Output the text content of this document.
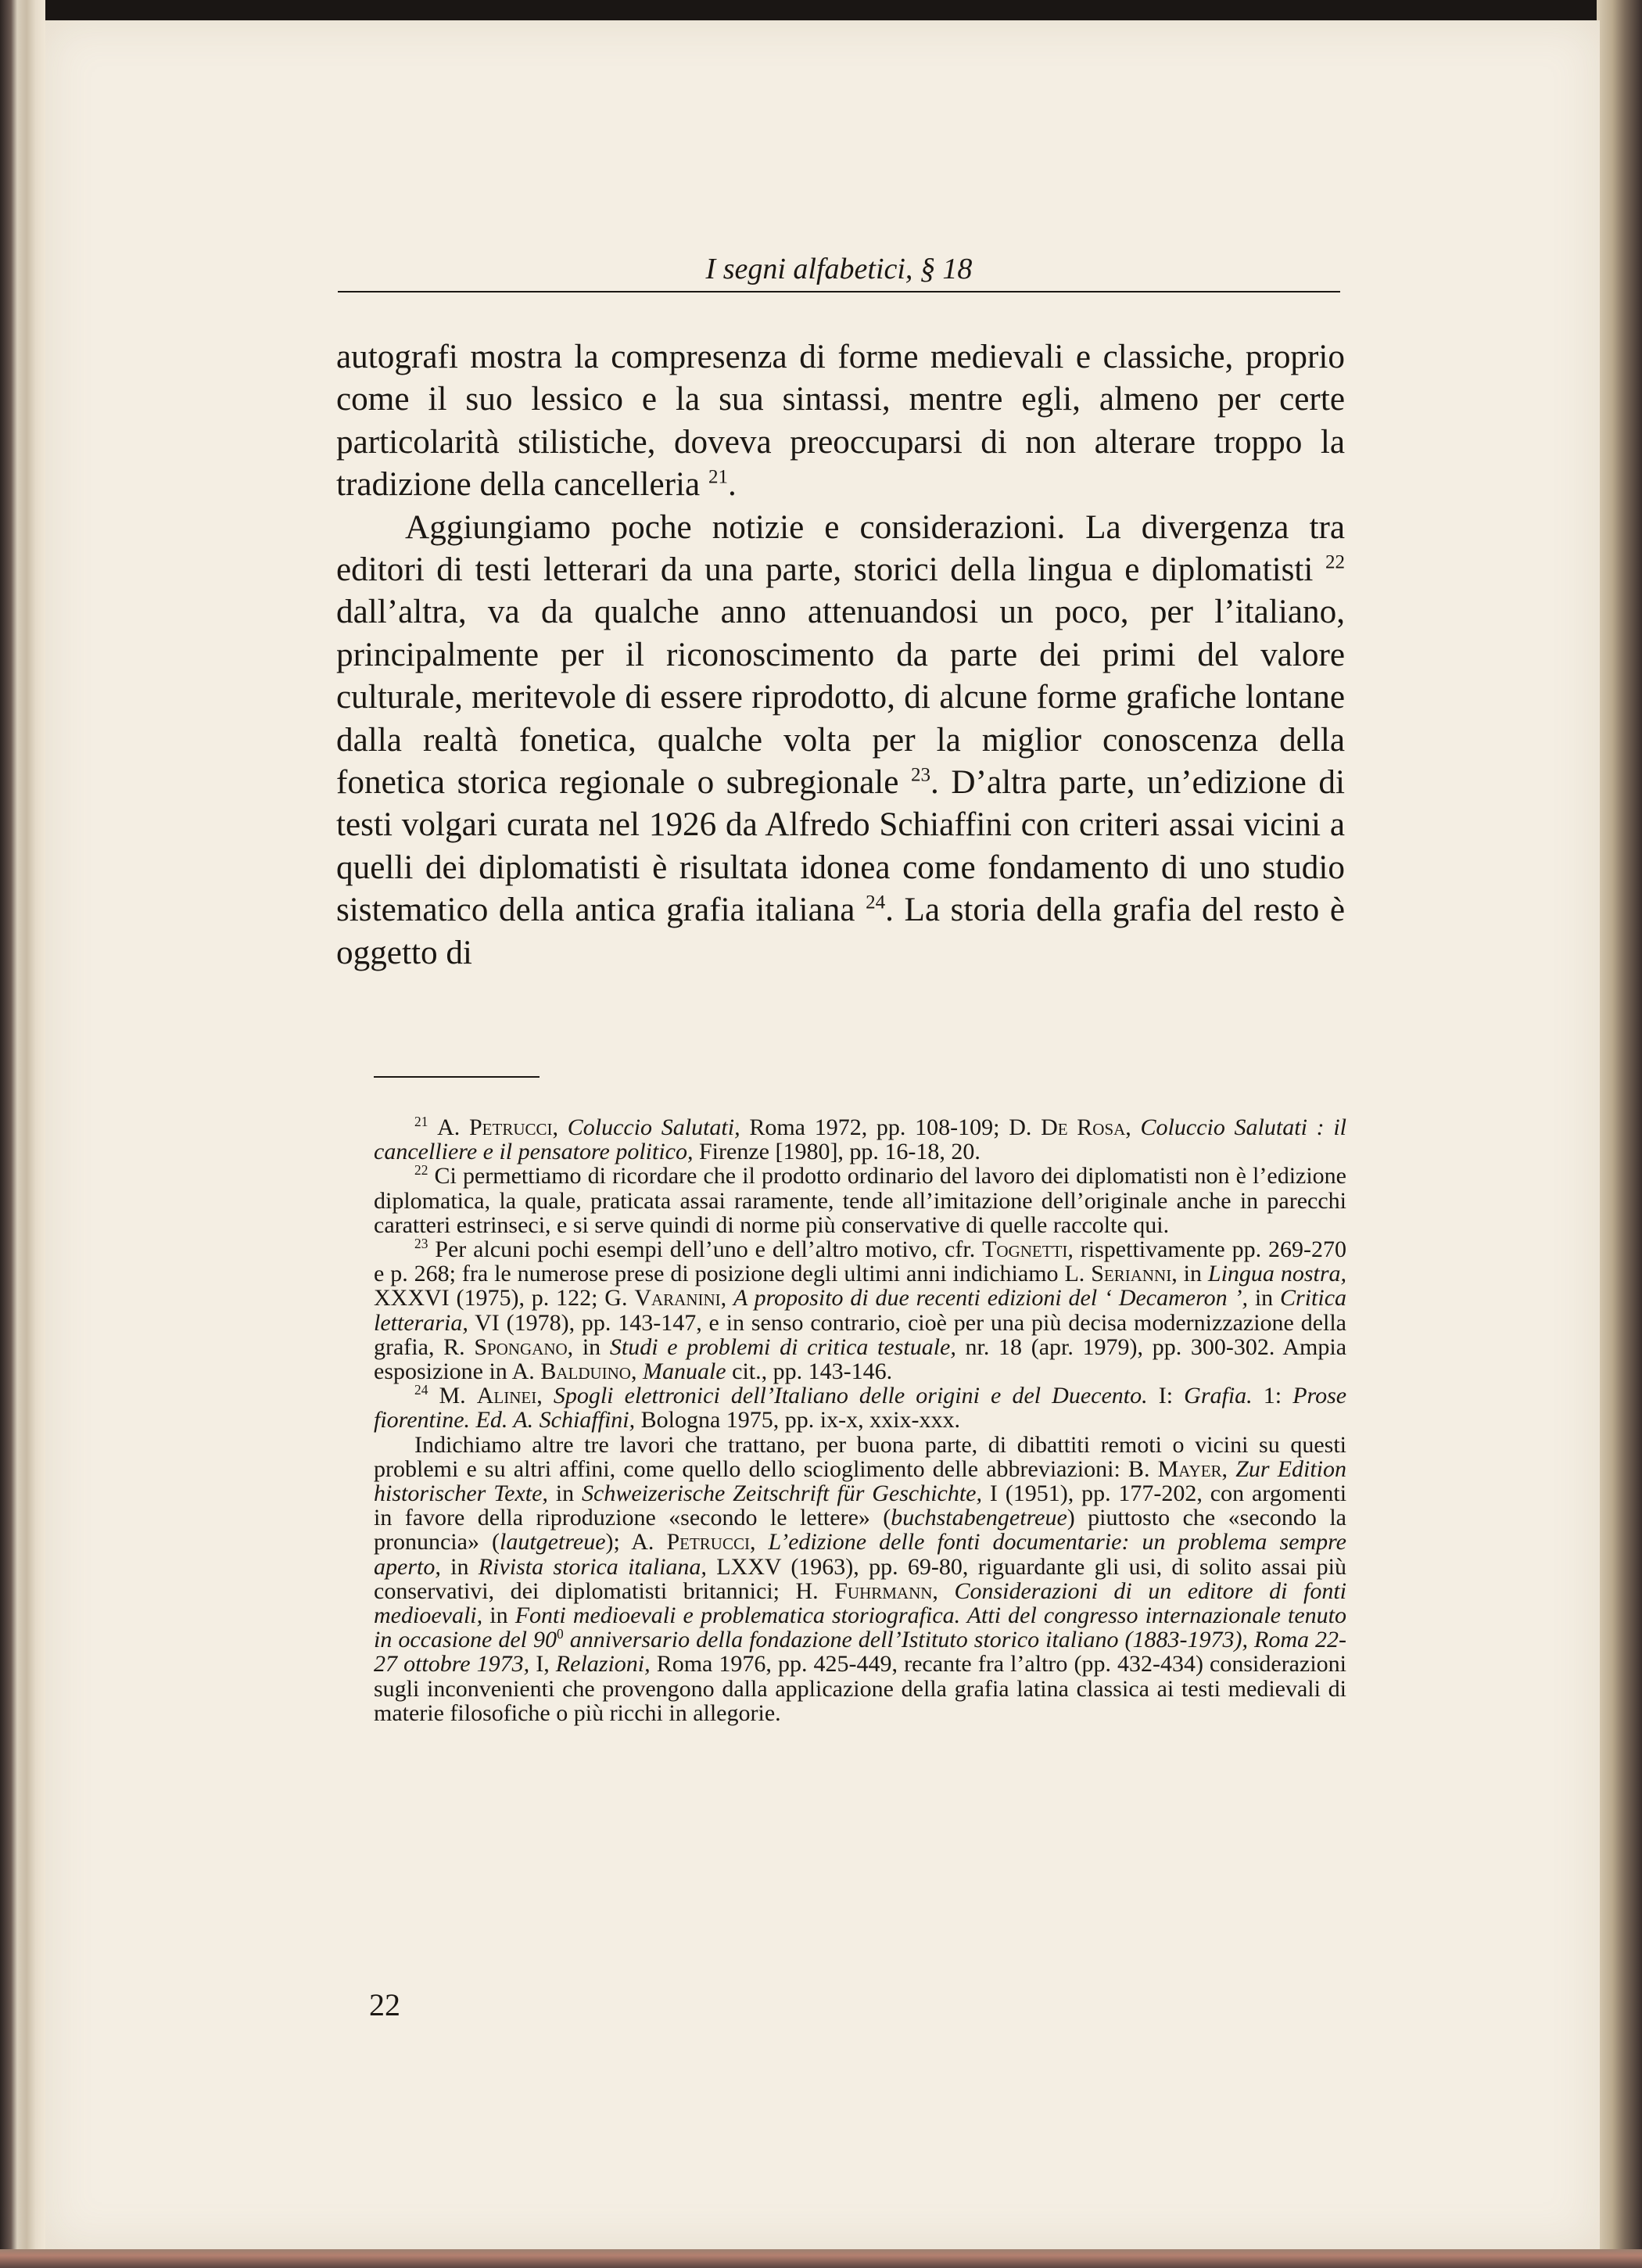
I segni alfabetici, § 18

autografi mostra la compresenza di forme medievali e classiche, proprio come il suo lessico e la sua sintassi, mentre egli, almeno per certe particolarità stilistiche, doveva preoccuparsi di non alterare troppo la tradizione della cancelleria $^{21}$.

Aggiungiamo poche notizie e considerazioni. La divergenza tra editori di testi letterari da una parte, storici della lingua e diplomatisti $^{22}$ dall’altra, va da qualche anno attenuandosi un poco, per l’italiano, principalmente per il riconoscimento da parte dei primi del valore culturale, meritevole di essere riprodotto, di alcune forme grafiche lontane dalla realtà fonetica, qualche volta per la miglior conoscenza della fonetica storica regionale o subregionale $^{23}$. D’altra parte, un’edizione di testi volgari curata nel 1926 da Alfredo Schiaffini con criteri assai vicini a quelli dei diplomatisti è risultata idonea come fondamento di uno studio sistematico della antica grafia italiana $^{24}$. La storia della grafia del resto è oggetto di

$^{21}$ A. Petrucci, Coluccio Salutati, Roma 1972, pp. 108-109; D. De Rosa, Coluccio Salutati : il cancelliere e il pensatore politico, Firenze [1980], pp. 16-18, 20.

$^{22}$ Ci permettiamo di ricordare che il prodotto ordinario del lavoro dei diplomatisti non è l’edizione diplomatica, la quale, praticata assai raramente, tende all’imitazione dell’originale anche in parecchi caratteri estrinseci, e si serve quindi di norme più conservative di quelle raccolte qui.

$^{23}$ Per alcuni pochi esempi dell’uno e dell’altro motivo, cfr. Tognetti, rispettivamente pp. 269-270 e p. 268; fra le numerose prese di posizione degli ultimi anni indichiamo L. Serianni, in Lingua nostra, XXXVI (1975), p. 122; G. Varanini, A proposito di due recenti edizioni del ‘ Decameron ’, in Critica letteraria, VI (1978), pp. 143-147, e in senso contrario, cioè per una più decisa modernizzazione della grafia, R. Spongano, in Studi e problemi di critica testuale, nr. 18 (apr. 1979), pp. 300-302. Ampia esposizione in A. Balduino, Manuale cit., pp. 143-146.

$^{24}$ M. Alinei, Spogli elettronici dell’Italiano delle origini e del Duecento. I: Grafia. 1: Prose fiorentine. Ed. A. Schiaffini, Bologna 1975, pp. ix-x, xxix-xxx.

Indichiamo altre tre lavori che trattano, per buona parte, di dibattiti remoti o vicini su questi problemi e su altri affini, come quello dello scioglimento delle abbreviazioni: B. Mayer, Zur Edition historischer Texte, in Schweizerische Zeitschrift für Geschichte, I (1951), pp. 177-202, con argomenti in favore della riproduzione «secondo le lettere» (buchstabengetreue) piuttosto che «secondo la pronuncia» (lautgetreue); A. Petrucci, L’edizione delle fonti documentarie: un problema sempre aperto, in Rivista storica italiana, LXXV (1963), pp. 69-80, riguardante gli usi, di solito assai più conservativi, dei diplomatisti britannici; H. Fuhrmann, Considerazioni di un editore di fonti medioevali, in Fonti medioevali e problematica storiografica. Atti del congresso internazionale tenuto in occasione del $90^0$ anniversario della fondazione dell’Istituto storico italiano (1883-1973), Roma 22-27 ottobre 1973, I, Relazioni, Roma 1976, pp. 425-449, recante fra l’altro (pp. 432-434) considerazioni sugli inconvenienti che provengono dalla applicazione della grafia latina classica ai testi medievali di materie filosofiche o più ricchi in allegorie.

22
